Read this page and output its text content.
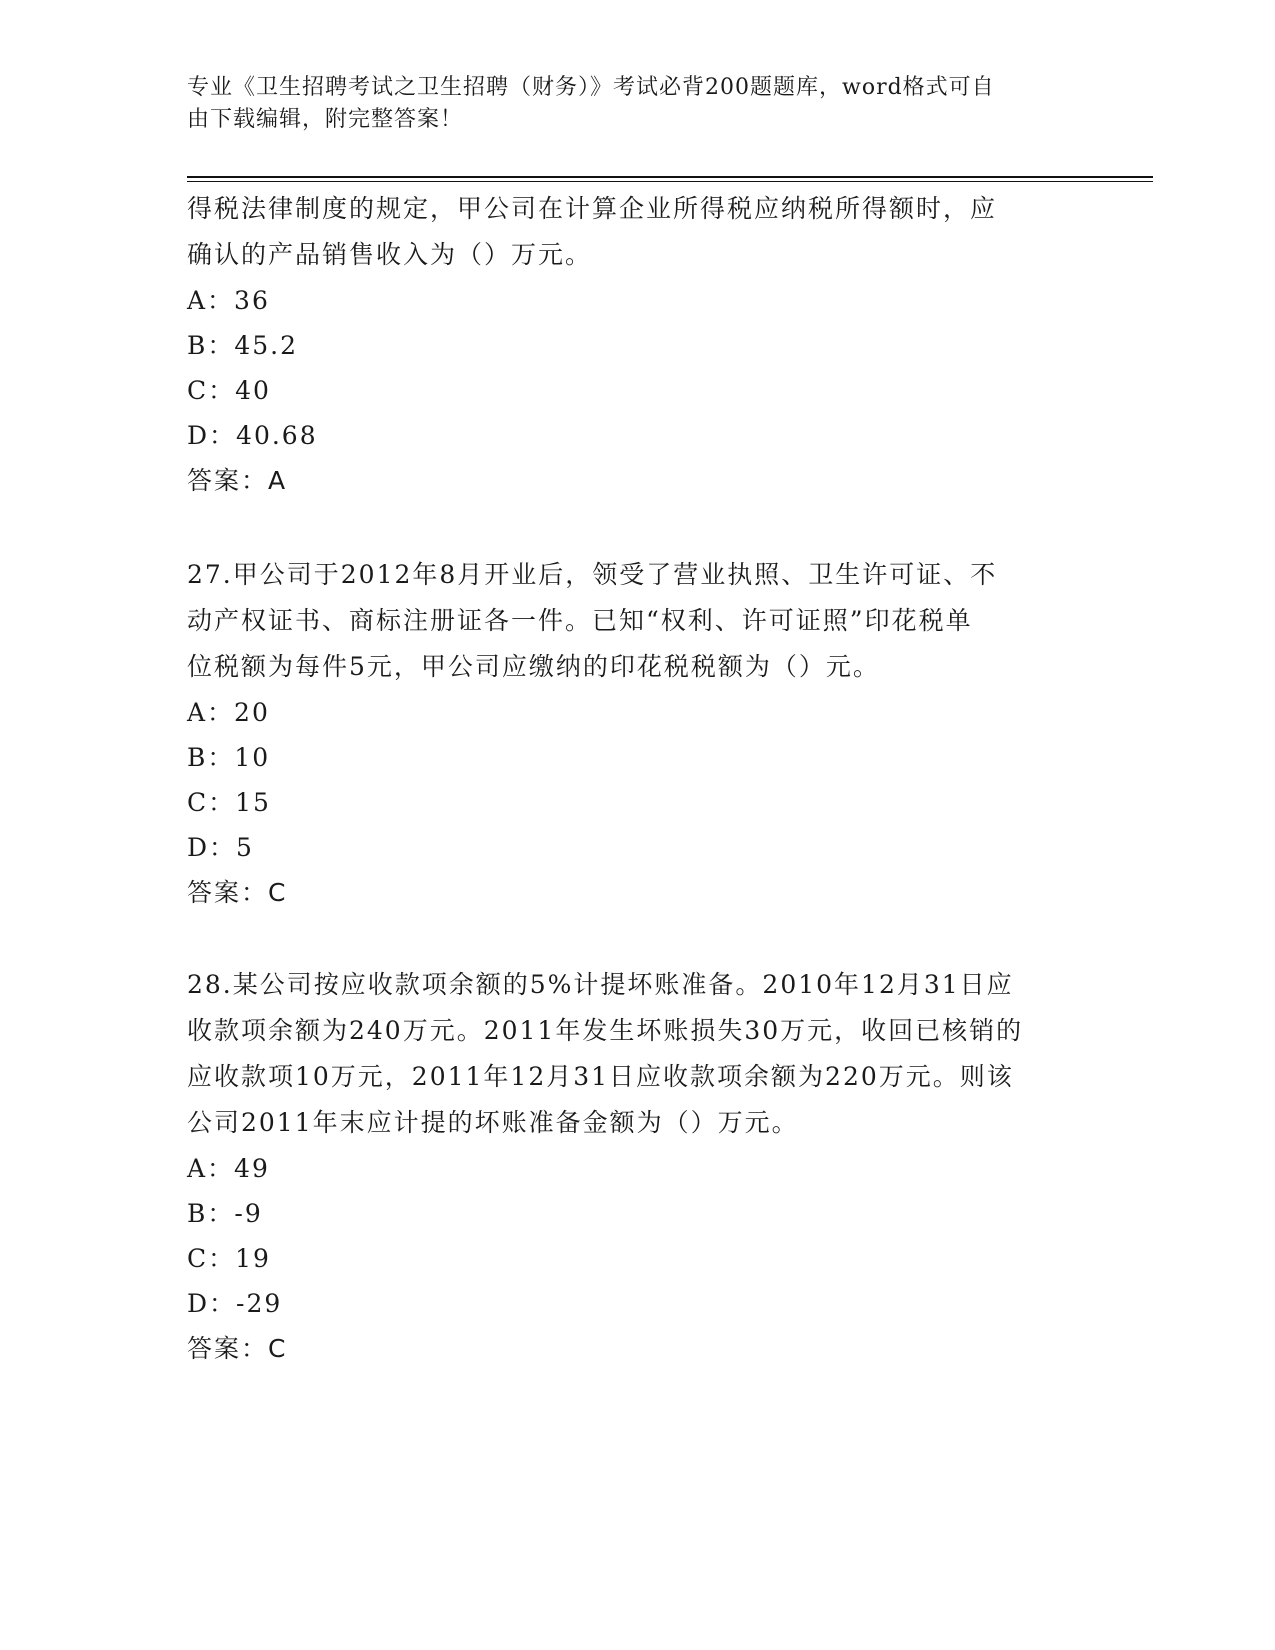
专业《卫生招聘考试之卫生招聘（财务）》考试必背200题题库，word格式可自
由下载编辑，附完整答案！
得税法律制度的规定，甲公司在计算企业所得税应纳税所得额时，应
确认的产品销售收入为（）万元。
A：36
B：45.2
C：40
D：40.68
答案：A
27.甲公司于2012年8月开业后，领受了营业执照、卫生许可证、不
动产权证书、商标注册证各一件。已知“权利、许可证照”印花税单
位税额为每件5元，甲公司应缴纳的印花税税额为（）元。
A：20
B：10
C：15
D：5
答案：C
28.某公司按应收款项余额的5%计提坏账准备。2010年12月31日应
收款项余额为240万元。2011年发生坏账损失30万元，收回已核销的
应收款项10万元，2011年12月31日应收款项余额为220万元。则该
公司2011年末应计提的坏账准备金额为（）万元。
A：49
B：-9
C：19
D：-29
答案：C
